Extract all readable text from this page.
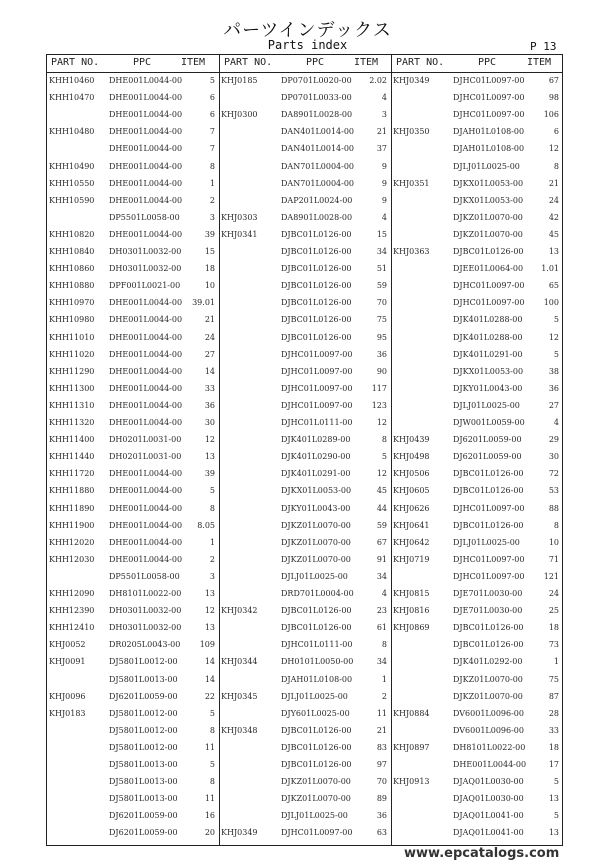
パーツインデックス
Parts index	P 13
PART NO.	PPC	ITEM PART NO.	PPC	ITEM PART NO.	PPC	ITEM
KHH10460 DHE001L0044-00	5
KHH10470 DHE001L0044-00	6
DHE001L0044-00	6
KHH10480 DHE001L0044-00	7
DHE001L0044-00	7
KHH10490 DHE001L0044-00	8
KHH10550 DHE001L0044-00	1
KHH10590 DHE001L0044-00	2
DP5501L0058-00	3
KHH10820 DHE001L0044-00	39
KHH10840 DH0301L0032-00	15
KHH10860 DH0301L0032-00	18
KHH10880 DPF001L0021-00	10
KHH10970 DHE001L0044-00 39.01
KHH10980 DHE001L0044-00	21
KHH11010 DHE001L0044-00	24
KHH11020 DHE001L0044-00	27
KHH11290 DHE001L0044-00	14
KHH11300 DHE001L0044-00	33
KHH11310 DHE001L0044-00	36
KHH11320 DHE001L0044-00	30
KHH11400 DH0201L0031-00	12
KHH11440 DH0201L0031-00	13
KHH11720 DHE001L0044-00	39
KHH11880 DHE001L0044-00	5
KHH11890 DHE001L0044-00	8
KHH11900 DHE001L0044-00 8.05
KHH12020 DHE001L0044-00	1
KHH12030 DHE001L0044-00	2
DP5501L0058-00	3
KHH12090 DH8101L0022-00	13
KHH12390 DH0301L0032-00	12
KHH12410 DH0301L0032-00	13
KHJ0052	DR0205L0043-00 109
KHJ0091	DJ5801L0012-00	14
DJ5801L0013-00	14
KHJ0096	DJ6201L0059-00	22
KHJ0183	DJ5801L0012-00	5
DJ5801L0012-00	8
DJ5801L0012-00	11
DJ5801L0013-00	5
DJ5801L0013-00	8
DJ5801L0013-00	11
DJ6201L0059-00	16
DJ6201L0059-00	20
KHJ0185	DP0701L0020-00 2.02
DP0701L0033-00	4
KHJ0300	DA8901L0028-00	3
DAN401L0014-00	21
DAN401L0014-00	37
DAN701L0004-00	9
DAN701L0004-00	9
DAP201L0024-00	9
KHJ0303	DA8901L0028-00	4
KHJ0341	DJBC01L0126-00	15
DJBC01L0126-00	34
DJBC01L0126-00	51
DJBC01L0126-00	59
DJBC01L0126-00	70
DJBC01L0126-00	75
DJBC01L0126-00	95
DJHC01L0097-00	36
DJHC01L0097-00	90
DJHC01L0097-00 117
DJHC01L0097-00 123
DJHC01L0111-00	12
DJK401L0289-00	8
DJK401L0290-00	5
DJK401L0291-00	12
DJKX01L0053-00	45
DJKY01L0043-00	44
DJKZ01L0070-00	59
DJKZ01L0070-00	67
DJKZ01L0070-00	91
DJLJ01L0025-00	34
DRD701L0004-00	4
KHJ0342	DJBC01L0126-00	23
DJBC01L0126-00	61
DJHC01L0111-00	8
KHJ0344	DH0101L0050-00	34
DJAH01L0108-00	1
KHJ0345	DJLJ01L0025-00	2
DJY601L0025-00	11
KHJ0348	DJBC01L0126-00	21
DJBC01L0126-00	83
DJBC01L0126-00	97
DJKZ01L0070-00	70
DJKZ01L0070-00	89
DJLJ01L0025-00	36
KHJ0349	DJHC01L0097-00	63
KHJ0349	DJHC01L0097-00	67
DJHC01L0097-00	98
DJHC01L0097-00 106
KHJ0350	DJAH01L0108-00	6
DJAH01L0108-00	12
DJLJ01L0025-00	8
KHJ0351	DJKX01L0053-00	21
DJKX01L0053-00	24
DJKZ01L0070-00	42
DJKZ01L0070-00	45
KHJ0363	DJBC01L0126-00	13
DJEE01L0064-00 1.01
DJHC01L0097-00	65
DJHC01L0097-00 100
DJK401L0288-00	5
DJK401L0288-00	12
DJK401L0291-00	5
DJKX01L0053-00	38
DJKY01L0043-00	36
DJLJ01L0025-00	27
DJW001L0059-00	4
KHJ0439	DJ6201L0059-00	29
KHJ0498	DJ6201L0059-00	30
KHJ0506	DJBC01L0126-00	72
KHJ0605	DJBC01L0126-00	53
KHJ0626	DJHC01L0097-00	88
KHJ0641	DJBC01L0126-00	8
KHJ0642	DJLJ01L0025-00	10
KHJ0719	DJHC01L0097-00	71
DJHC01L0097-00 121
KHJ0815	DJE701L0030-00	24
KHJ0816	DJE701L0030-00	25
KHJ0869	DJBC01L0126-00	18
DJBC01L0126-00	73
DJK401L0292-00	1
DJKZ01L0070-00	75
DJKZ01L0070-00	87
KHJ0884	DV6001L0096-00	28
DV6001L0096-00	33
KHJ0897	DH8101L0022-00	18
DHE001L0044-00	17
KHJ0913	DJAQ01L0030-00	5
DJAQ01L0030-00	13
DJAQ01L0041-00	5
DJAQ01L0041-00	13
www.epcatalogs.com
